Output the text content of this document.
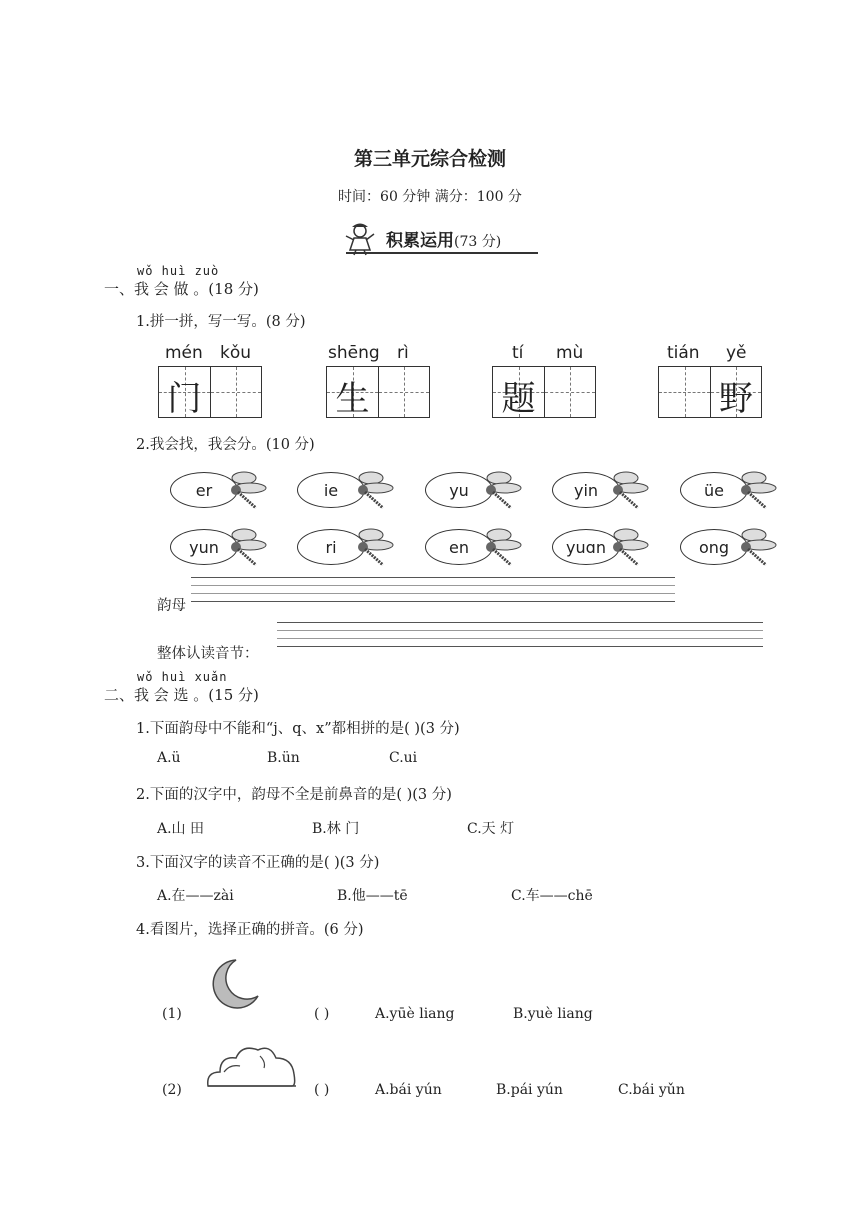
第三单元综合检测
时间：60 分钟 满分：100 分
积累运用(73 分)
wǒ huì zuò
一、我 会 做 。(18 分)
1.拼一拼，写一写。(8 分)
mén kǒu
门
shēng rì
生
tí mù
题
tián yě
野
2.我会找，我会分。(10 分)
er	ie	yu	yin	üe
yun	ri	en	yuɑn	ong
韵母
整体认读音节：
wǒ huì xuǎn
二、我 会 选 。(15 分)
1.下面韵母中不能和“j、q、x”都相拼的是( )(3 分)
A.ü	B.ün	C.ui
2.下面的汉字中，韵母不全是前鼻音的是( )(3 分)
A.山 田	B.林 门	C.天 灯
3.下面汉字的读音不正确的是( )(3 分)
A.在——zài	B.他——tē	C.车——chē
4.看图片，选择正确的拼音。(6 分)
(1)	( )	A.yūè liang	B.yuè liang
(2)	( )	A.bái yún	B.pái yún	C.bái yǔn
